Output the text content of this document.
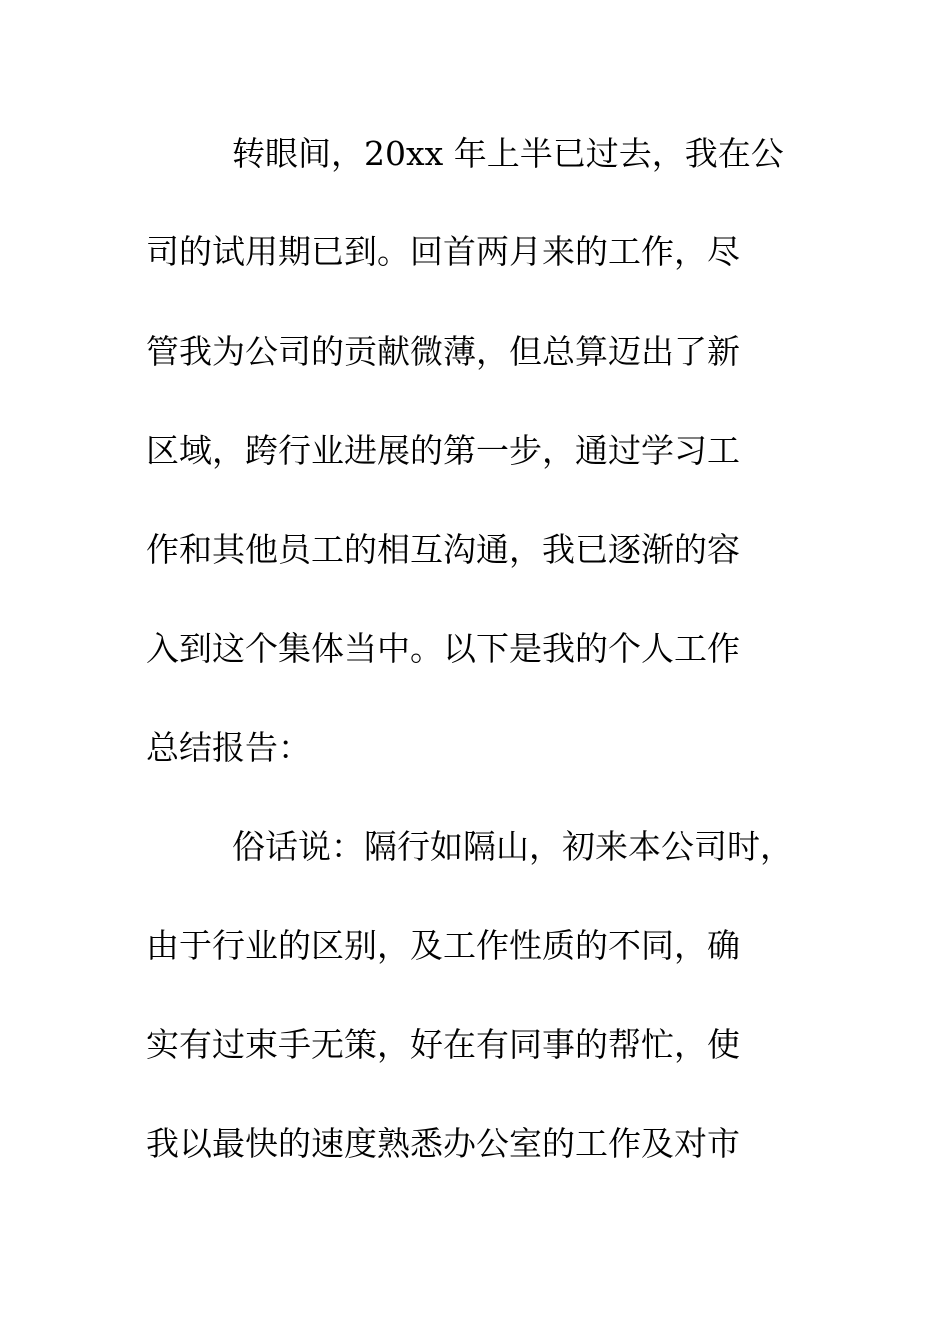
转眼间，20xx 年上半已过去，我在公
司的试用期已到。回首两月来的工作，尽
管我为公司的贡献微薄，但总算迈出了新
区域，跨行业进展的第一步，通过学习工
作和其他员工的相互沟通，我已逐渐的容
入到这个集体当中。以下是我的个人工作
总结报告：
俗话说：隔行如隔山，初来本公司时，
由于行业的区别，及工作性质的不同，确
实有过束手无策，好在有同事的帮忙，使
我以最快的速度熟悉办公室的工作及对市
